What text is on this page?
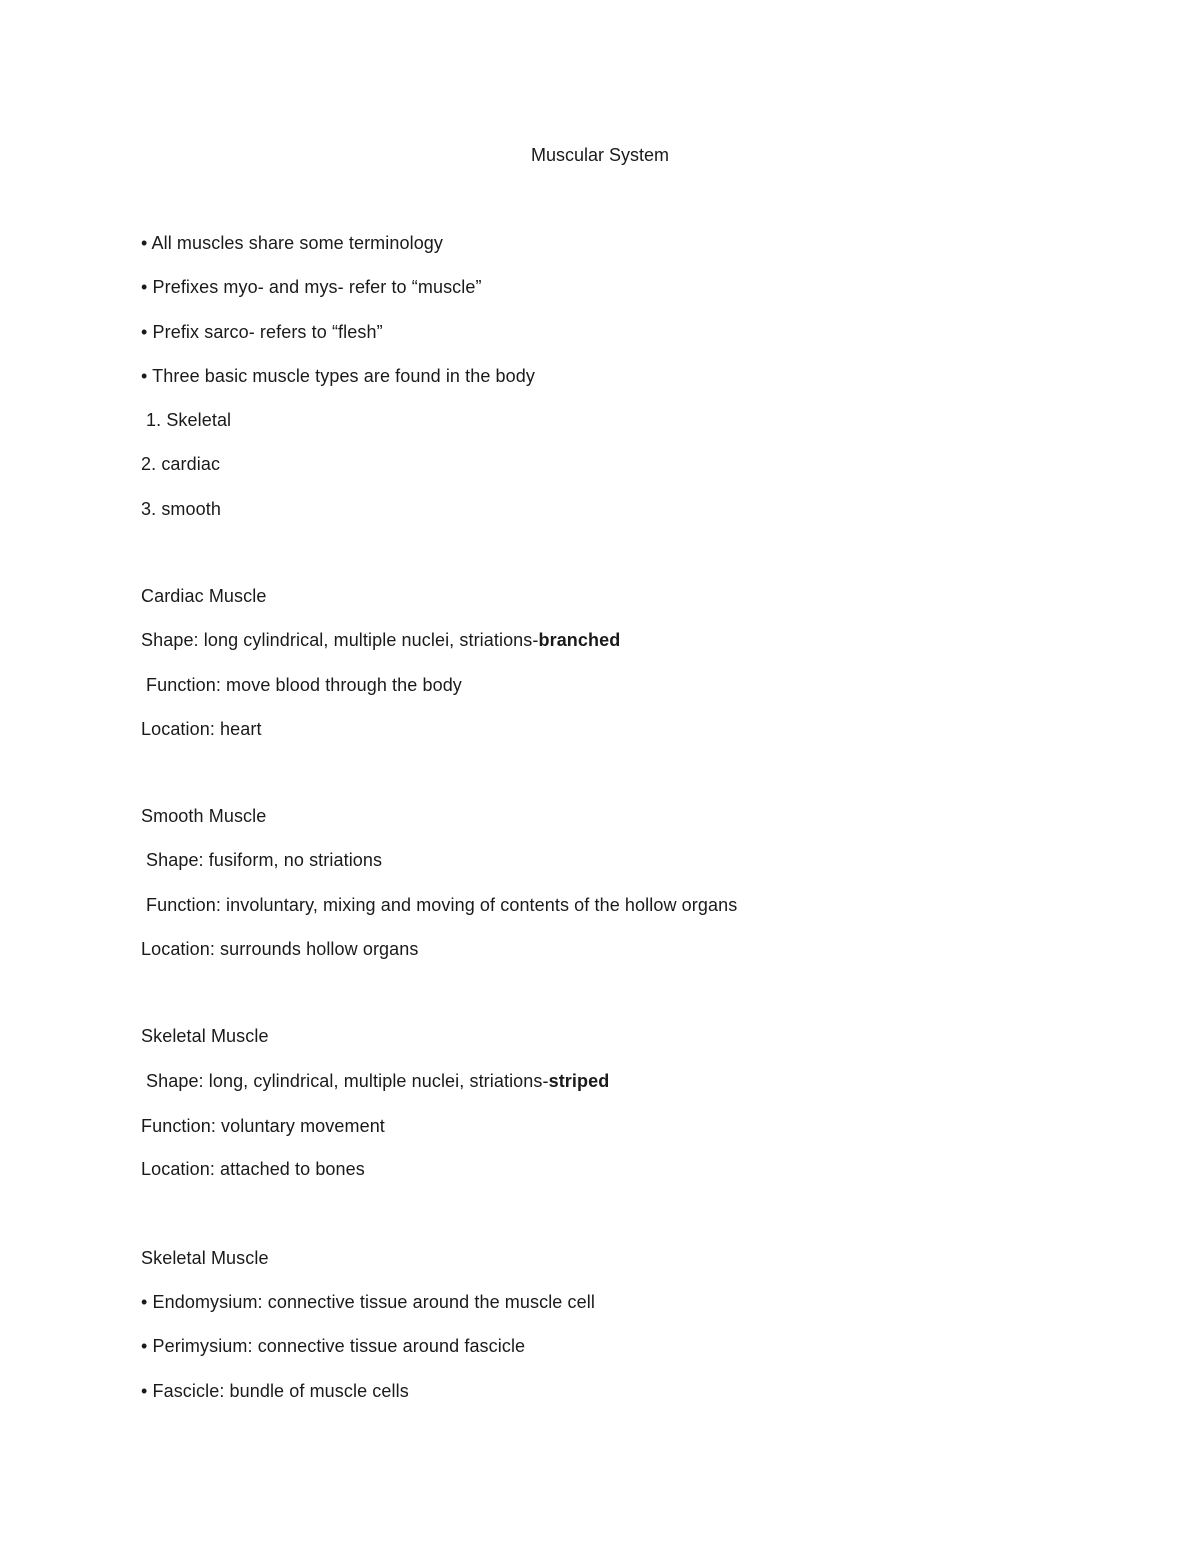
Muscular System
• All muscles share some terminology
• Prefixes myo- and mys- refer to “muscle”
• Prefix sarco- refers to “flesh”
• Three basic muscle types are found in the body
1. Skeletal
2. cardiac
3. smooth
Cardiac Muscle
Shape: long cylindrical, multiple nuclei, striations-branched
Function: move blood through the body
Location: heart
Smooth Muscle
Shape: fusiform, no striations
Function: involuntary, mixing and moving of contents of the hollow organs
Location: surrounds hollow organs
Skeletal Muscle
Shape: long, cylindrical, multiple nuclei, striations-striped
Function: voluntary movement
Location: attached to bones
Skeletal Muscle
• Endomysium: connective tissue around the muscle cell
• Perimysium: connective tissue around fascicle
• Fascicle: bundle of muscle cells
